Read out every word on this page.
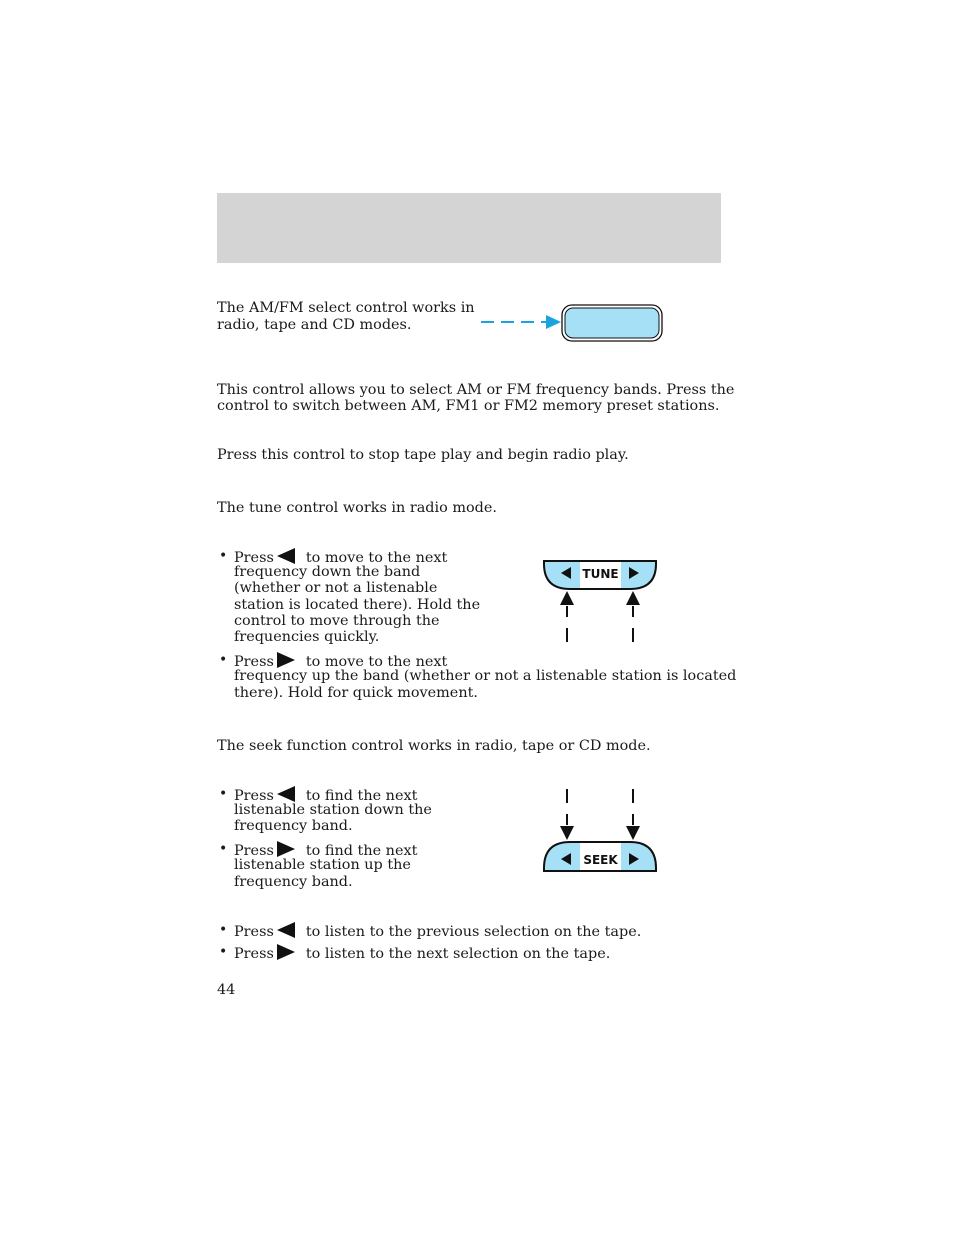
The AM/FM select control works in

radio, tape and CD modes.

This control allows you to select AM or FM frequency bands. Press the

control to switch between AM, FM1 or FM2 memory preset stations.

Press this control to stop tape play and begin radio play.

The tune control works in radio mode.

• Press to move to the next

frequency down the band

(whether or not a listenable

station is located there). Hold the

control to move through the

frequencies quickly.

• Press to move to the next

frequency up the band (whether or not a listenable station is located

there). Hold for quick movement.

TUNE

The seek function control works in radio, tape or CD mode.

• Press to find the next

listenable station down the

frequency band.

• Press to find the next

listenable station up the

frequency band.

SEEK
• Press to listen to the previous selection on the tape.

• Press to listen to the next selection on the tape.

44
